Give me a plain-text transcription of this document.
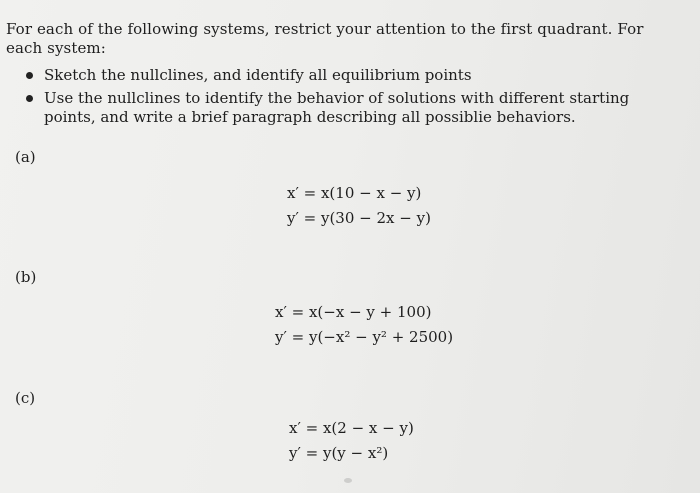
For each of the following systems, restrict your attention to the first quadrant. For each system:
Sketch the nullclines, and identify all equilibrium points
Use the nullclines to identify the behavior of solutions with different starting points, and write a brief paragraph describing all possiblie behaviors.
(a)
x′ = x(10 − x − y)
y′ = y(30 − 2x − y)
(b)
x′ = x(−x − y + 100)
y′ = y(−x² − y² + 2500)
(c)
x′ = x(2 − x − y)
y′ = y(y − x²)
